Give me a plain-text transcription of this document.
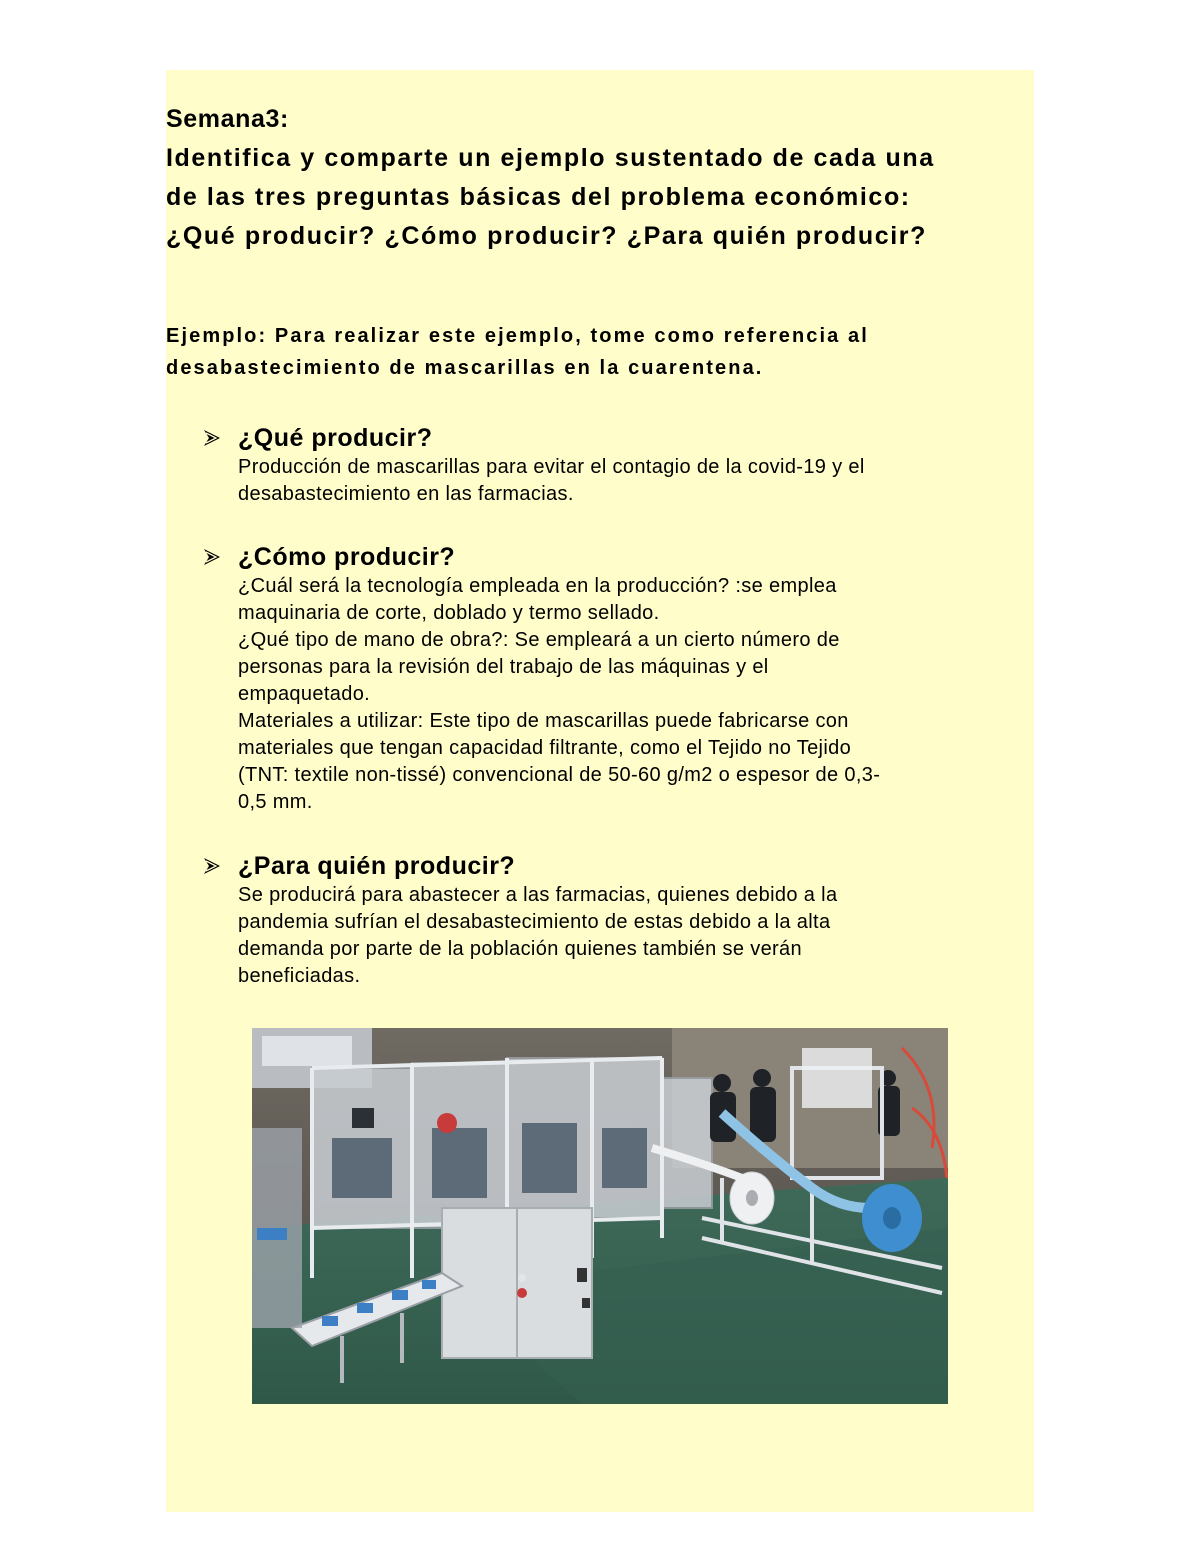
Semana3:
Identifica y comparte un ejemplo sustentado de cada una
de las tres preguntas básicas del problema económico:
¿Qué producir? ¿Cómo producir? ¿Para quién producir?
Ejemplo: Para realizar este ejemplo, tome como referencia al
desabastecimiento de mascarillas en la cuarentena.
¿Qué producir?
Producción de mascarillas para evitar el contagio de la covid-19 y el
desabastecimiento en las farmacias.
¿Cómo producir?
¿Cuál será la tecnología empleada en la producción? :se emplea
maquinaria de corte, doblado y termo sellado.
¿Qué tipo de mano de obra?: Se empleará a un cierto número de
personas para la revisión del trabajo de las máquinas y el
empaquetado.
Materiales a utilizar: Este tipo de mascarillas puede fabricarse con
materiales que tengan capacidad filtrante, como el Tejido no Tejido
(TNT: textile non-tissé) convencional de 50-60 g/m2 o espesor de 0,3-
0,5 mm.
¿Para quién producir?
Se producirá para abastecer a las farmacias, quienes debido a la
pandemia sufrían el desabastecimiento de estas debido a la alta
demanda por parte de la población quienes también se verán
beneficiadas.
